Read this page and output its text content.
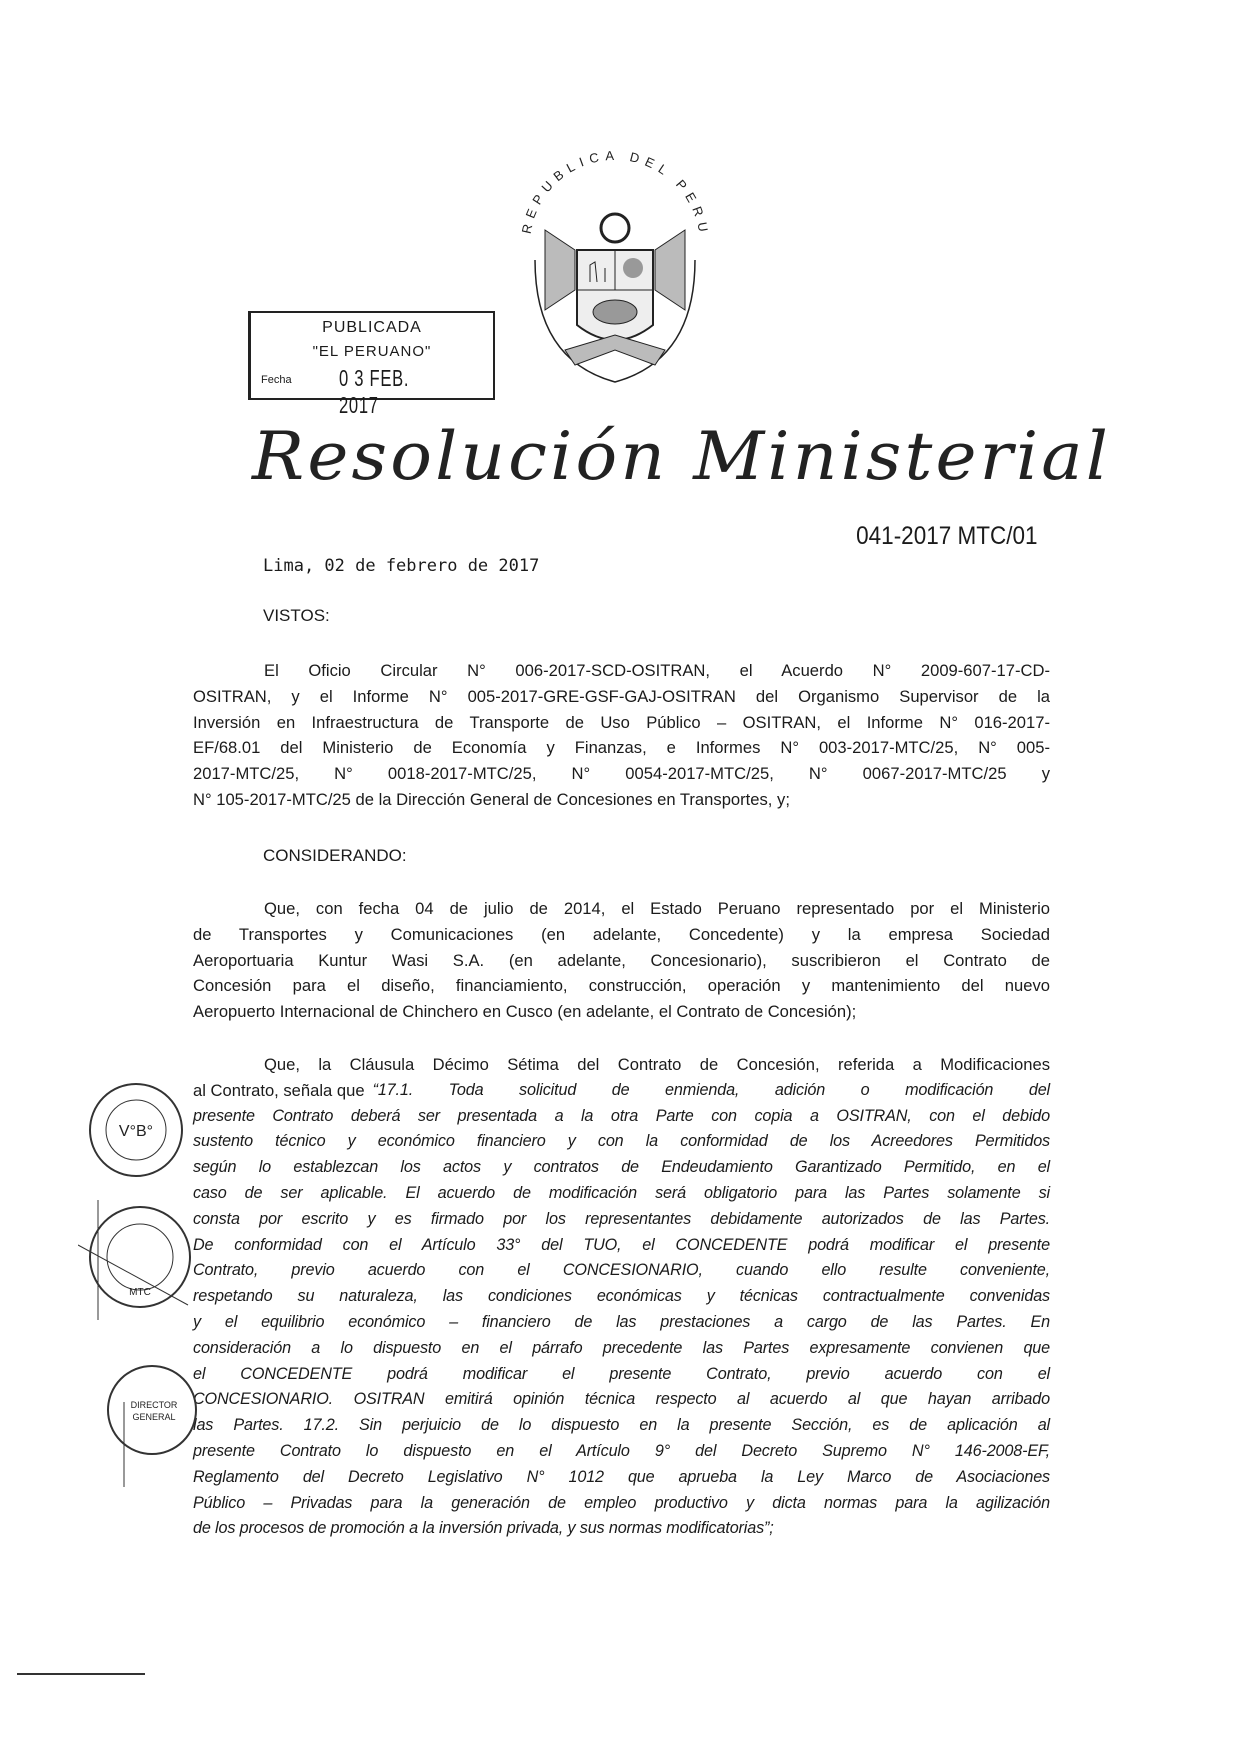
REPUBLICA DEL PERU
PUBLICADA
"EL PERUANO"
Fecha 0 3 FEB. 2017
Resolución Ministerial
041-2017 MTC/01
Lima, 02 de febrero de 2017
VISTOS:
El Oficio Circular N° 006-2017-SCD-OSITRAN, el Acuerdo N° 2009-607-17-CD-
OSITRAN, y el Informe N° 005-2017-GRE-GSF-GAJ-OSITRAN del Organismo Supervisor de la
Inversión en Infraestructura de Transporte de Uso Público – OSITRAN, el Informe N° 016-2017-
EF/68.01 del Ministerio de Economía y Finanzas, e Informes N° 003-2017-MTC/25, N° 005-
2017-MTC/25, N° 0018-2017-MTC/25, N° 0054-2017-MTC/25, N° 0067-2017-MTC/25 y
N° 105-2017-MTC/25 de la Dirección General de Concesiones en Transportes, y;
CONSIDERANDO:
Que, con fecha 04 de julio de 2014, el Estado Peruano representado por el Ministerio
de Transportes y Comunicaciones (en adelante, Concedente) y la empresa Sociedad
Aeroportuaria Kuntur Wasi S.A. (en adelante, Concesionario), suscribieron el Contrato de
Concesión para el diseño, financiamiento, construcción, operación y mantenimiento del nuevo
Aeropuerto Internacional de Chinchero en Cusco (en adelante, el Contrato de Concesión);
Que, la Cláusula Décimo Sétima del Contrato de Concesión, referida a Modificaciones
al Contrato, señala que “17.1. Toda solicitud de enmienda, adición o modificación del
presente Contrato deberá ser presentada a la otra Parte con copia a OSITRAN, con el debido
sustento técnico y económico financiero y con la conformidad de los Acreedores Permitidos
según lo establezcan los actos y contratos de Endeudamiento Garantizado Permitido, en el
caso de ser aplicable. El acuerdo de modificación será obligatorio para las Partes solamente si
consta por escrito y es firmado por los representantes debidamente autorizados de las Partes.
De conformidad con el Artículo 33° del TUO, el CONCEDENTE podrá modificar el presente
Contrato, previo acuerdo con el CONCESIONARIO, cuando ello resulte conveniente,
respetando su naturaleza, las condiciones económicas y técnicas contractualmente convenidas
y el equilibrio económico – financiero de las prestaciones a cargo de las Partes. En
consideración a lo dispuesto en el párrafo precedente las Partes expresamente convienen que
el CONCEDENTE podrá modificar el presente Contrato, previo acuerdo con el
CONCESIONARIO. OSITRAN emitirá opinión técnica respecto al acuerdo al que hayan arribado
las Partes. 17.2. Sin perjuicio de lo dispuesto en la presente Sección, es de aplicación al
presente Contrato lo dispuesto en el Artículo 9° del Decreto Supremo N° 146-2008-EF,
Reglamento del Decreto Legislativo N° 1012 que aprueba la Ley Marco de Asociaciones
Público – Privadas para la generación de empleo productivo y dicta normas para la agilización
de los procesos de promoción a la inversión privada, y sus normas modificatorias”;
V°B°
MTC
DIRECTOR
GENERAL
